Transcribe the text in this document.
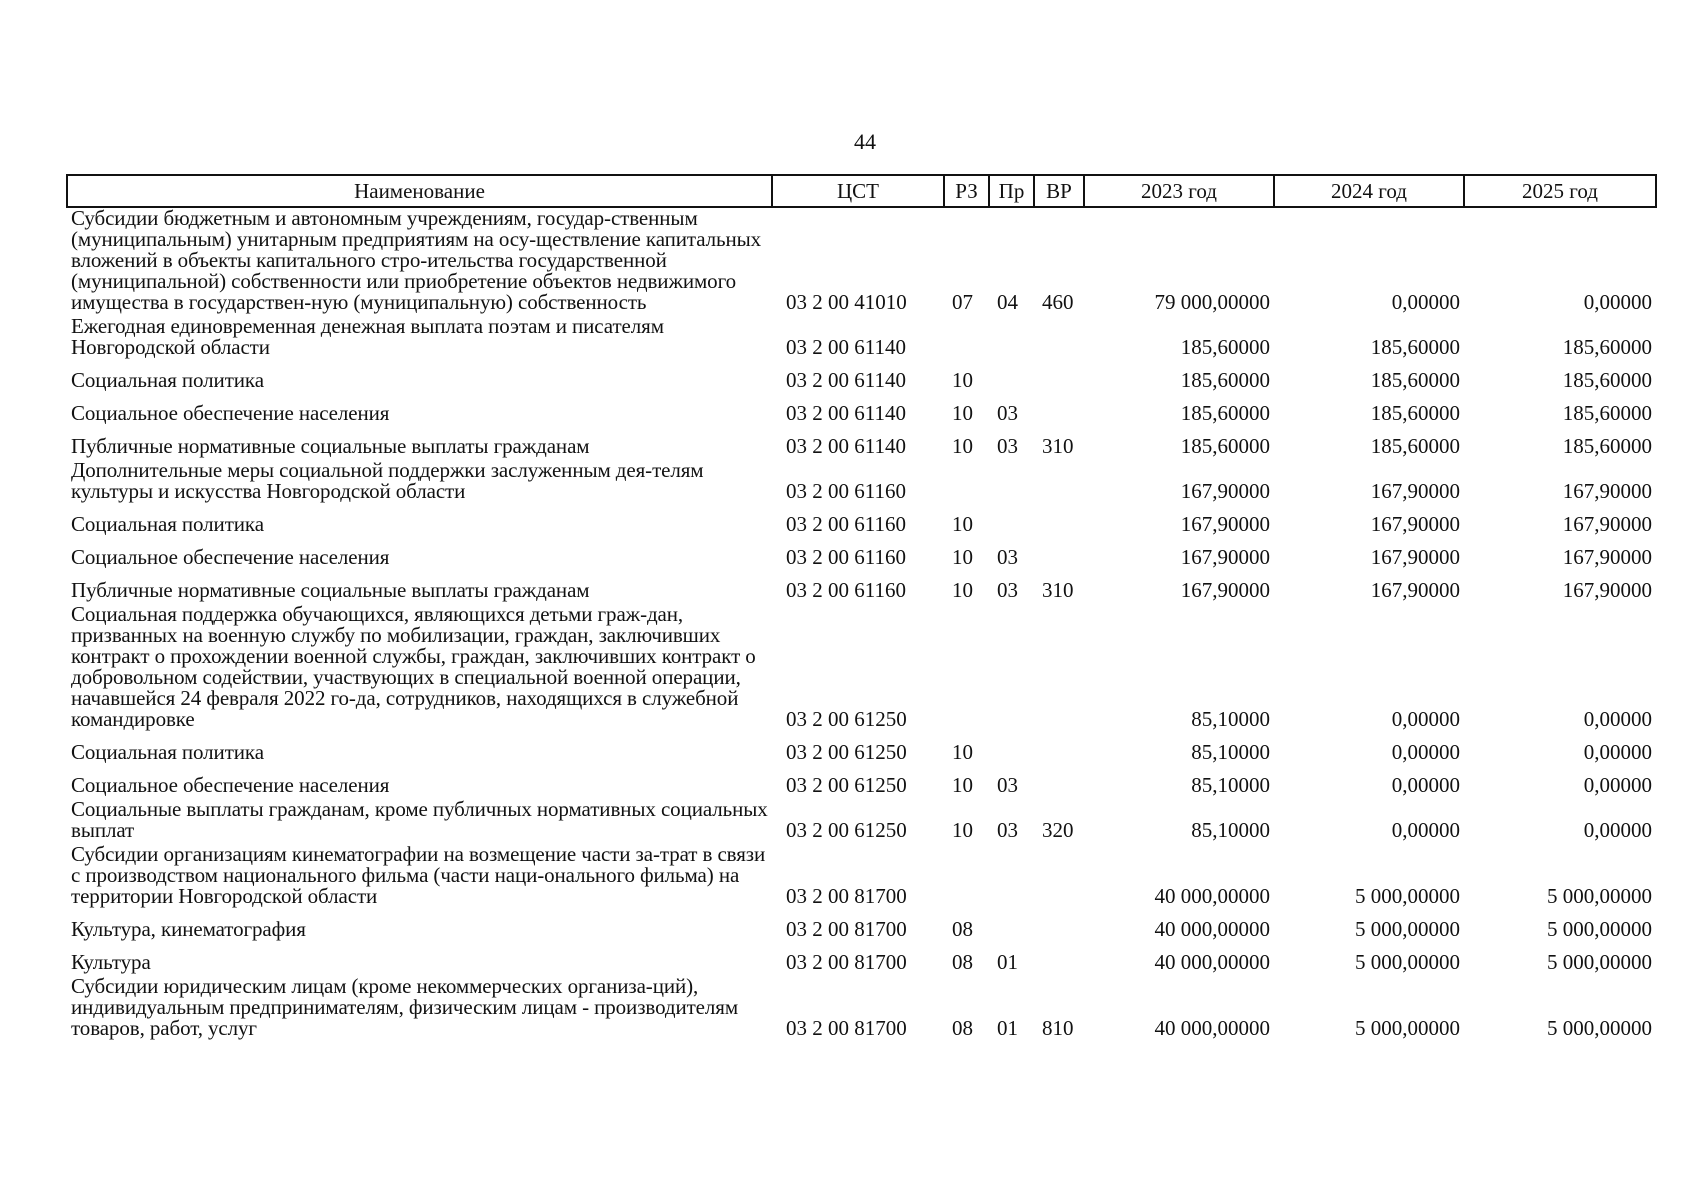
44
Наименование	ЦСТ	РЗ	Пр	ВР	2023 год	2024 год	2025 год
Субсидии бюджетным и автономным учреждениям, государ-ственным (муниципальным) унитарным предприятиям на осу-ществление капитальных вложений в объекты капитального стро-ительства государственной (муниципальной) собственности или приобретение объектов недвижимого имущества в государствен-ную (муниципальную) собственность	03 2 00 41010	07	04	460	79 000,00000	0,00000	0,00000
Ежегодная единовременная денежная выплата поэтам и писателям Новгородской области	03 2 00 61140				185,60000	185,60000	185,60000
Социальная политика	03 2 00 61140	10			185,60000	185,60000	185,60000
Социальное обеспечение населения	03 2 00 61140	10	03		185,60000	185,60000	185,60000
Публичные нормативные социальные выплаты гражданам	03 2 00 61140	10	03	310	185,60000	185,60000	185,60000
Дополнительные меры социальной поддержки заслуженным дея-телям культуры и искусства Новгородской области	03 2 00 61160				167,90000	167,90000	167,90000
Социальная политика	03 2 00 61160	10			167,90000	167,90000	167,90000
Социальное обеспечение населения	03 2 00 61160	10	03		167,90000	167,90000	167,90000
Публичные нормативные социальные выплаты гражданам	03 2 00 61160	10	03	310	167,90000	167,90000	167,90000
Социальная поддержка обучающихся, являющихся детьми граж-дан, призванных на военную службу по мобилизации, граждан, заключивших контракт о прохождении военной службы, граждан, заключивших контракт о добровольном содействии, участвующих в специальной военной операции, начавшейся 24 февраля 2022 го-да, сотрудников, находящихся в служебной командировке	03 2 00 61250				85,10000	0,00000	0,00000
Социальная политика	03 2 00 61250	10			85,10000	0,00000	0,00000
Социальное обеспечение населения	03 2 00 61250	10	03		85,10000	0,00000	0,00000
Социальные выплаты гражданам, кроме публичных нормативных социальных выплат	03 2 00 61250	10	03	320	85,10000	0,00000	0,00000
Субсидии организациям кинематографии на возмещение части за-трат в связи с производством национального фильма (части наци-онального фильма) на территории Новгородской области	03 2 00 81700				40 000,00000	5 000,00000	5 000,00000
Культура, кинематография	03 2 00 81700	08			40 000,00000	5 000,00000	5 000,00000
Культура	03 2 00 81700	08	01		40 000,00000	5 000,00000	5 000,00000
Субсидии юридическим лицам (кроме некоммерческих организа-ций), индивидуальным предпринимателям, физическим лицам - производителям товаров, работ, услуг	03 2 00 81700	08	01	810	40 000,00000	5 000,00000	5 000,00000
